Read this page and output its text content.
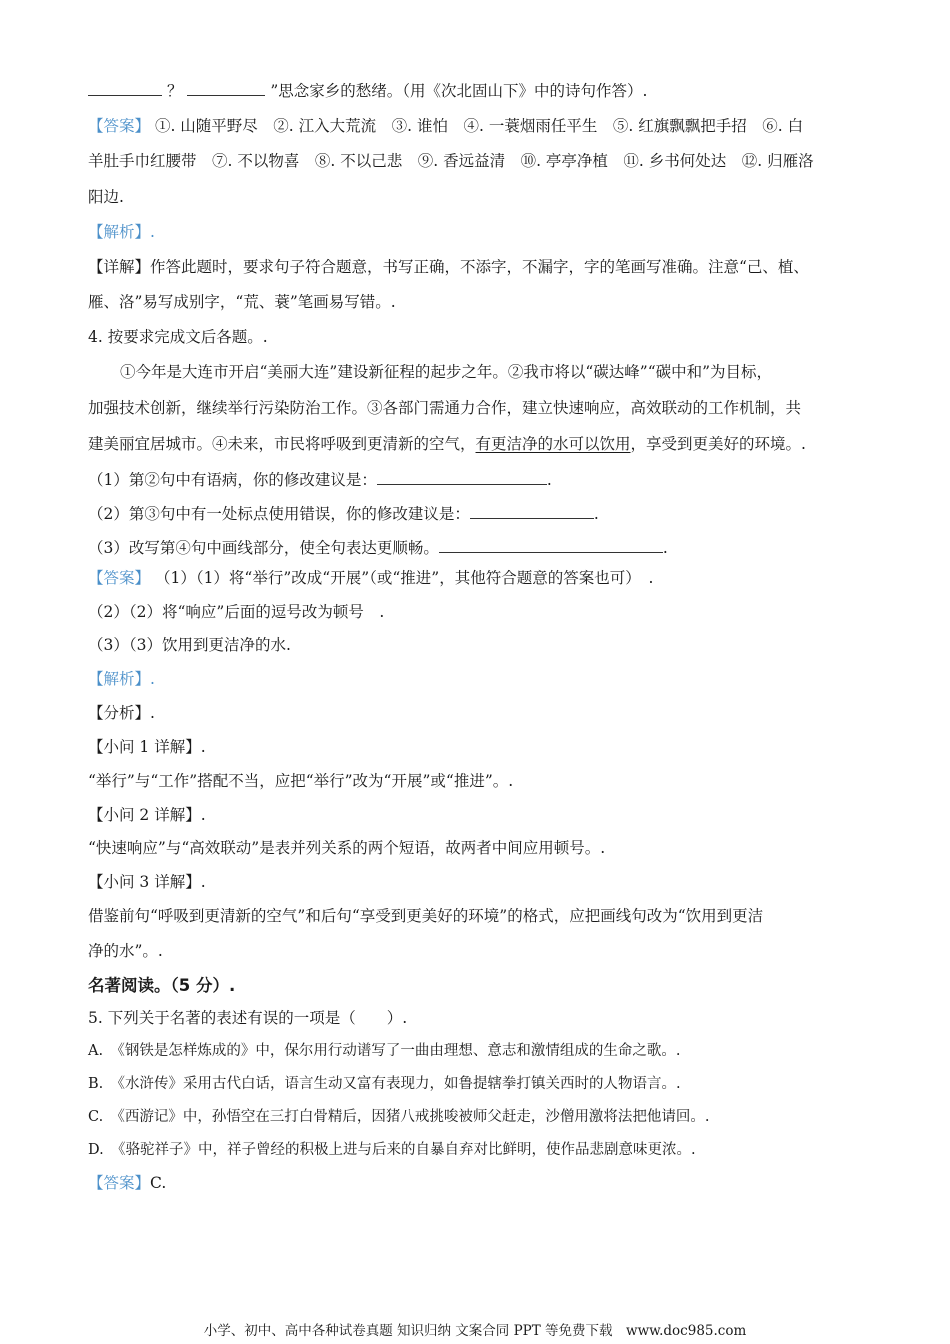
？	”思念家乡的愁绪。（用《次北固山下》中的诗句作答）.
【答案】 ①. 山随平野尽　②. 江入大荒流　③. 谁怕　④. 一蓑烟雨任平生　⑤. 红旗飘飘把手招　⑥. 白
羊肚手巾红腰带　⑦. 不以物喜　⑧. 不以己悲　⑨. 香远益清　⑩. 亭亭净植　⑪. 乡书何处达　⑫. 归雁洛
阳边.
【解析】.
【详解】作答此题时，要求句子符合题意，书写正确，不添字，不漏字，字的笔画写准确。注意“己、植、
雁、洛”易写成别字，“荒、蓑”笔画易写错。.
4. 按要求完成文后各题。.
①今年是大连市开启“美丽大连”建设新征程的起步之年。②我市将以“碳达峰”“碳中和”为目标，
加强技术创新，继续举行污染防治工作。③各部门需通力合作，建立快速响应，高效联动的工作机制，共
建美丽宜居城市。④未来，市民将呼吸到更清新的空气，有更洁净的水可以饮用，享受到更美好的环境。.
（1）第②句中有语病，你的修改建议是：	.
（2）第③句中有一处标点使用错误，你的修改建议是：	.
（3）改写第④句中画线部分，使全句表达更顺畅。	.
【答案】 （1）（1）将“举行”改成“开展”（或“推进”，其他符合题意的答案也可）　.
（2）（2）将“响应”后面的逗号改为顿号　.
（3）（3）饮用到更洁净的水.
【解析】.
【分析】.
【小问 1 详解】.
“举行”与“工作”搭配不当，应把“举行”改为“开展”或“推进”。.
【小问 2 详解】.
“快速响应”与“高效联动”是表并列关系的两个短语，故两者中间应用顿号。.
【小问 3 详解】.
借鉴前句“呼吸到更清新的空气”和后句“享受到更美好的环境”的格式，应把画线句改为“饮用到更洁
净的水”。.
名著阅读。（5 分）.
5. 下列关于名著的表述有误的一项是（　　）.
A.　《钢铁是怎样炼成的》中，保尔用行动谱写了一曲由理想、意志和激情组成的生命之歌。.
B.　《水浒传》采用古代白话，语言生动又富有表现力，如鲁提辖拳打镇关西时的人物语言。.
C.　《西游记》中，孙悟空在三打白骨精后，因猪八戒挑唆被师父赶走，沙僧用激将法把他请回。.
D.　《骆驼祥子》中，祥子曾经的积极上进与后来的自暴自弃对比鲜明，使作品悲剧意味更浓。.
【答案】C.
小学、初中、高中各种试卷真题 知识归纳 文案合同 PPT 等免费下载　www.doc985.com
